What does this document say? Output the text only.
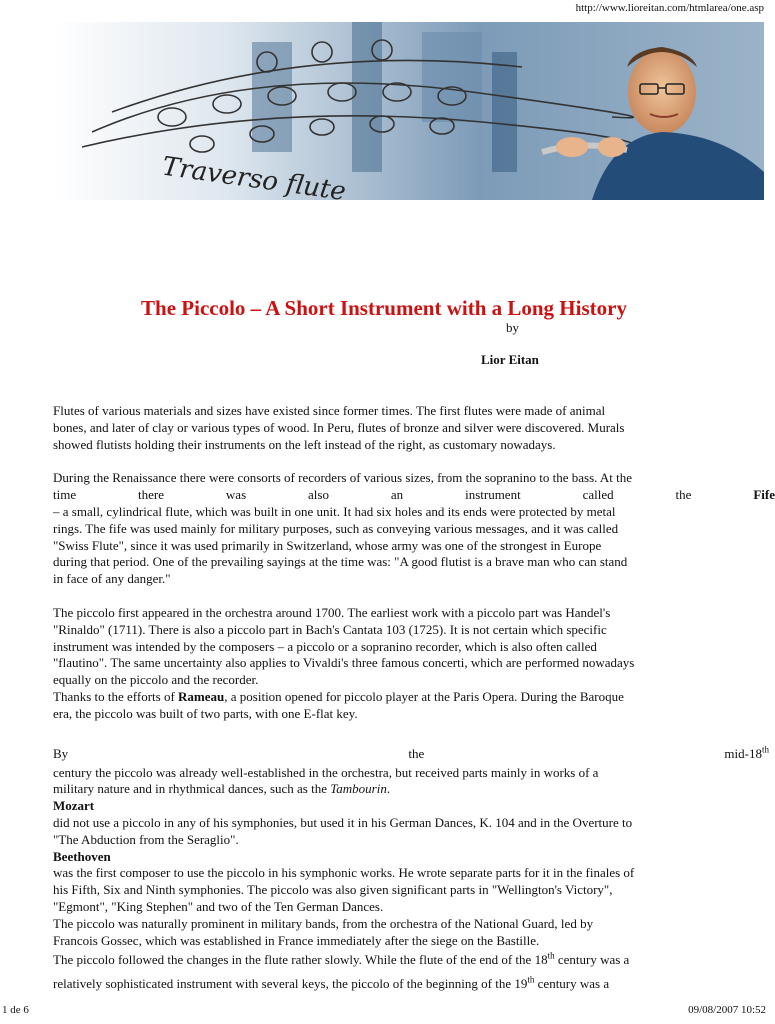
http://www.lioreitan.com/htmlarea/one.asp
Traverso flute
The Piccolo – A Short Instrument with a Long History
by
Lior Eitan
Flutes of various materials and sizes have existed since former times. The first flutes were made of animal
bones, and later of clay or various types of wood. In Peru, flutes of bronze and silver were discovered. Murals
showed flutists holding their instruments on the left instead of the right, as customary nowadays.
During the Renaissance there were consorts of recorders of various sizes, from the sopranino to the bass. At the
time	there	was	also	an	instrument	called	the	Fife
– a small, cylindrical flute, which was built in one unit. It had six holes and its ends were protected by metal
rings. The fife was used mainly for military purposes, such as conveying various messages, and it was called
"Swiss Flute", since it was used primarily in Switzerland, whose army was one of the strongest in Europe
during that period. One of the prevailing sayings at the time was: "A good flutist is a brave man who can stand
in face of any danger."
The piccolo first appeared in the orchestra around 1700. The earliest work with a piccolo part was Handel's
"Rinaldo" (1711). There is also a piccolo part in Bach's Cantata 103 (1725). It is not certain which specific
instrument was intended by the composers – a piccolo or a sopranino recorder, which is also often called
"flautino". The same uncertainty also applies to Vivaldi's three famous concerti, which are performed nowadays
equally on the piccolo and the recorder.
Thanks to the efforts of Rameau, a position opened for piccolo player at the Paris Opera. During the Baroque
era, the piccolo was built of two parts, with one E-flat key.
By	the	mid-18th
century the piccolo was already well-established in the orchestra, but received parts mainly in works of a
military nature and in rhythmical dances, such as the Tambourin.
Mozart
did not use a piccolo in any of his symphonies, but used it in his German Dances, K. 104 and in the Overture to
"The Abduction from the Seraglio".
Beethoven
was the first composer to use the piccolo in his symphonic works. He wrote separate parts for it in the finales of
his Fifth, Six and Ninth symphonies. The piccolo was also given significant parts in "Wellington's Victory",
"Egmont", "King Stephen" and two of the Ten German Dances.
The piccolo was naturally prominent in military bands, from the orchestra of the National Guard, led by
Francois Gossec, which was established in France immediately after the siege on the Bastille.
The piccolo followed the changes in the flute rather slowly. While the flute of the end of the 18th century was a
relatively sophisticated instrument with several keys, the piccolo of the beginning of the 19th century was a
1 de 6	09/08/2007 10:52
